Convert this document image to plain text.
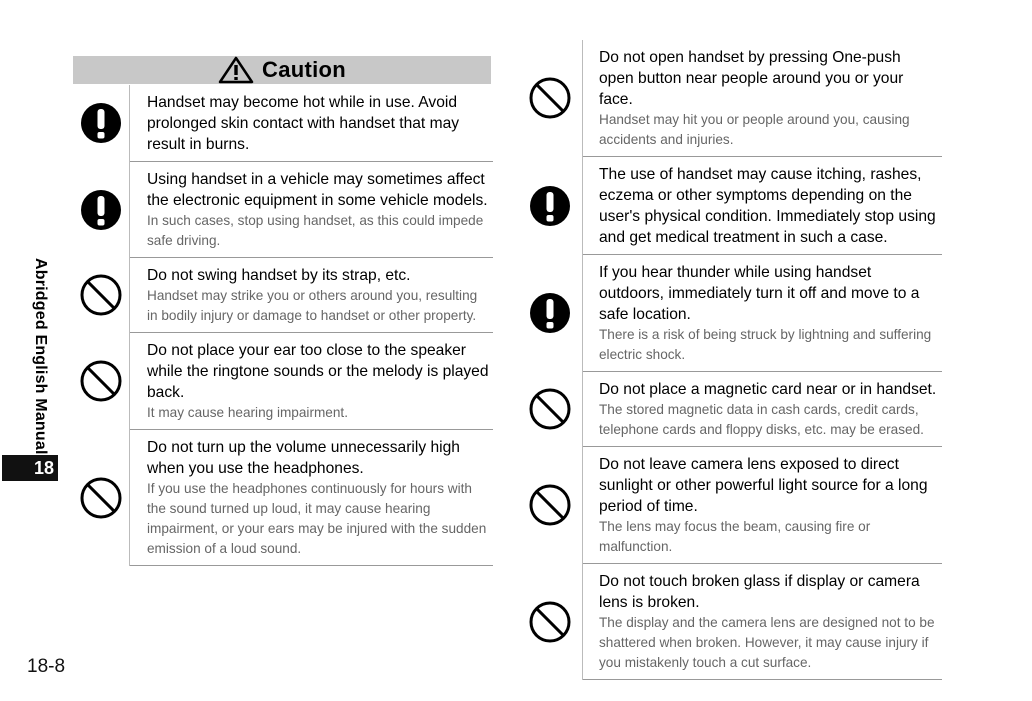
Abridged English Manual
18
18-8
Caution
Handset may become hot while in use. Avoid prolonged skin contact with handset that may result in burns.
Using handset in a vehicle may sometimes affect the electronic equipment in some vehicle models.
In such cases, stop using handset, as this could impede safe driving.
Do not swing handset by its strap, etc.
Handset may strike you or others around you, resulting in bodily injury or damage to handset or other property.
Do not place your ear too close to the speaker while the ringtone sounds or the melody is played back.
It may cause hearing impairment.
Do not turn up the volume unnecessarily high when you use the headphones.
If you use the headphones continuously for hours with the sound turned up loud, it may cause hearing impairment, or your ears may be injured with the sudden emission of a loud sound.
Do not open handset by pressing One-push open button near people around you or your face.
Handset may hit you or people around you, causing accidents and injuries.
The use of handset may cause itching, rashes, eczema or other symptoms depending on the user's physical condition. Immediately stop using and get medical treatment in such a case.
If you hear thunder while using handset outdoors, immediately turn it off and move to a safe location.
There is a risk of being struck by lightning and suffering electric shock.
Do not place a magnetic card near or in handset.
The stored magnetic data in cash cards, credit cards, telephone cards and floppy disks, etc. may be erased.
Do not leave camera lens exposed to direct sunlight or other powerful light source for a long period of time.
The lens may focus the beam, causing fire or malfunction.
Do not touch broken glass if display or camera lens is broken.
The display and the camera lens are designed not to be shattered when broken. However, it may cause injury if you mistakenly touch a cut surface.
